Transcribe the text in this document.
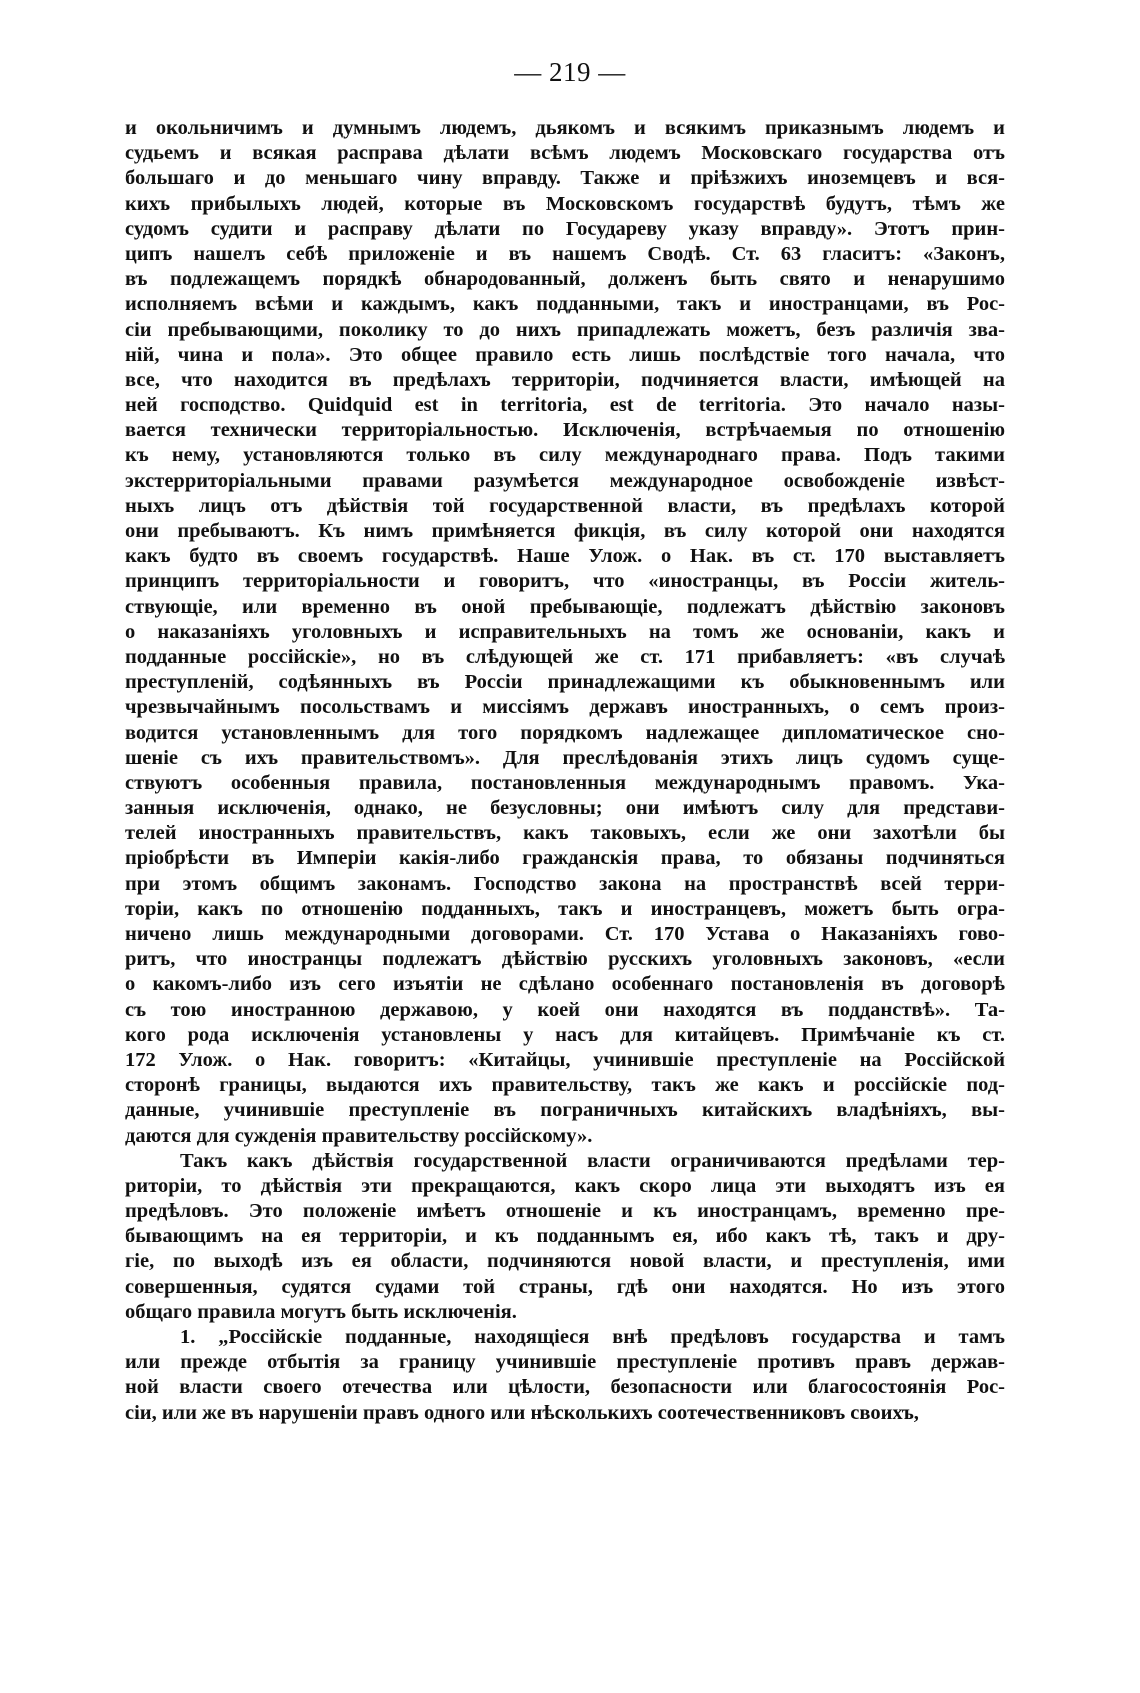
— 219 —
и окольничимъ и думнымъ людемъ, дьякомъ и всякимъ приказнымъ людемъ и
судьемъ и всякая расправа дѣлати всѣмъ людемъ Московскаго государства отъ
большаго и до меньшаго чину вправду. Также и пріѣзжихъ иноземцевъ и вся-
кихъ прибылыхъ людей, которые въ Московскомъ государствѣ будутъ, тѣмъ же
судомъ судити и расправу дѣлати по Государеву указу вправду». Этотъ прин-
ципъ нашелъ себѣ приложеніе и въ нашемъ Сводѣ. Ст. 63 гласитъ: «Законъ,
въ подлежащемъ порядкѣ обнародованный, долженъ быть свято и ненарушимо
исполняемъ всѣми и каждымъ, какъ подданными, такъ и иностранцами, въ Рос-
сіи пребывающими, поколику то до нихъ припадлежать можетъ, безъ различія зва-
ній, чина и пола». Это общее правило есть лишь послѣдствіе того начала, что
все, что находится въ предѣлахъ территоріи, подчиняется власти, имѣющей на
ней господство. Quidquid est in territoria, est de territoria. Это начало назы-
вается технически территоріальностью. Исключенія, встрѣчаемыя по отношенію
къ нему, установляются только въ силу международнаго права. Подъ такими
экстерриторіальными правами разумѣется международное освобожденіе извѣст-
ныхъ лицъ отъ дѣйствія той государственной власти, въ предѣлахъ которой
они пребываютъ. Къ нимъ примѣняется фикція, въ силу которой они находятся
какъ будто въ своемъ государствѣ. Наше Улож. о Нак. въ ст. 170 выставляетъ
принципъ территоріальности и говоритъ, что «иностранцы, въ Россіи житель-
ствующіе, или временно въ оной пребывающіе, подлежатъ дѣйствію законовъ
о наказаніяхъ уголовныхъ и исправительныхъ на томъ же основаніи, какъ и
подданные россійскіе», но въ слѣдующей же ст. 171 прибавляетъ: «въ случаѣ
преступленій, содѣянныхъ въ Россіи принадлежащими къ обыкновеннымъ или
чрезвычайнымъ посольствамъ и миссіямъ державъ иностранныхъ, о семъ произ-
водится установленнымъ для того порядкомъ надлежащее дипломатическое сно-
шеніе съ ихъ правительствомъ». Для преслѣдованія этихъ лицъ судомъ суще-
ствуютъ особенныя правила, постановленныя международнымъ правомъ. Ука-
занныя исключенія, однако, не безусловны; они имѣютъ силу для представи-
телей иностранныхъ правительствъ, какъ таковыхъ, если же они захотѣли бы
пріобрѣсти въ Имперіи какія-либо гражданскія права, то обязаны подчиняться
при этомъ общимъ законамъ. Господство закона на пространствѣ всей терри-
торіи, какъ по отношенію подданныхъ, такъ и иностранцевъ, можетъ быть огра-
ничено лишь международными договорами. Ст. 170 Устава о Наказаніяхъ гово-
ритъ, что иностранцы подлежатъ дѣйствію русскихъ уголовныхъ законовъ, «если
о какомъ-либо изъ сего изъятіи не сдѣлано особеннаго постановленія въ договорѣ
съ тою иностранною державою, у коей они находятся въ подданствѣ». Та-
кого рода исключенія установлены у насъ для китайцевъ. Примѣчаніе къ ст.
172 Улож. о Нак. говоритъ: «Китайцы, учинившіе преступленіе на Россійской
сторонѣ границы, выдаются ихъ правительству, такъ же какъ и россійскіе под-
данные, учинившіе преступленіе въ пограничныхъ китайскихъ владѣніяхъ, вы-
даются для сужденія правительству россійскому».
Такъ какъ дѣйствія государственной власти ограничиваются предѣлами тер-
риторіи, то дѣйствія эти прекращаются, какъ скоро лица эти выходятъ изъ ея
предѣловъ. Это положеніе имѣетъ отношеніе и къ иностранцамъ, временно пре-
бывающимъ на ея территоріи, и къ подданнымъ ея, ибо какъ тѣ, такъ и дру-
гіе, по выходѣ изъ ея области, подчиняются новой власти, и преступленія, ими
совершенныя, судятся судами той страны, гдѣ они находятся. Но изъ этого
общаго правила могутъ быть исключенія.
1. „Россійскіе подданные, находящіеся внѣ предѣловъ государства и тамъ
или прежде отбытія за границу учинившіе преступленіе противъ правъ держав-
ной власти своего отечества или цѣлости, безопасности или благосостоянія Рос-
сіи, или же въ нарушеніи правъ одного или нѣсколькихъ соотечественниковъ своихъ,
